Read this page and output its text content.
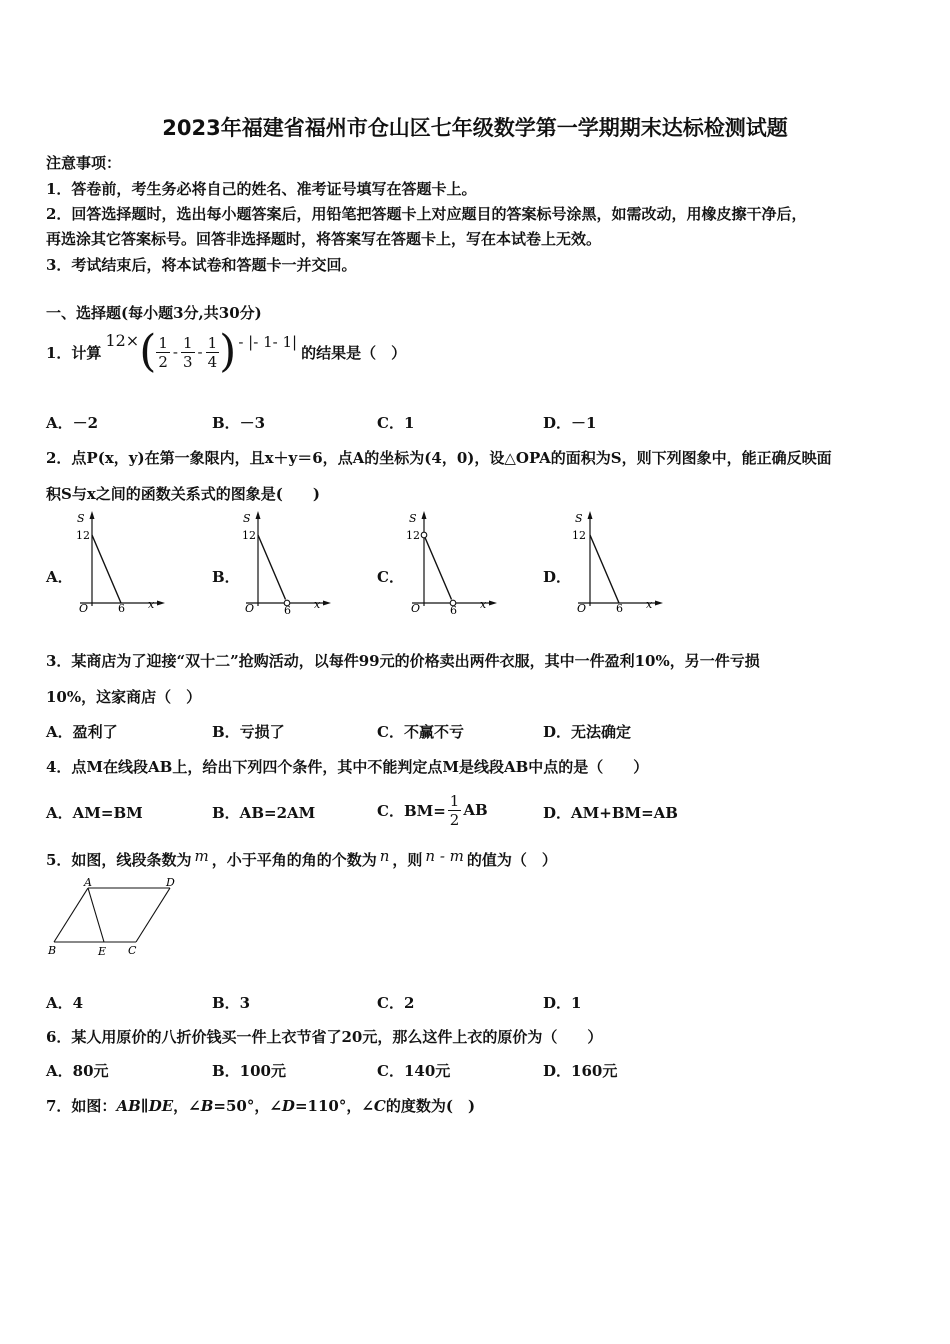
2023年福建省福州市仓山区七年级数学第一学期期末达标检测试题
注意事项：
1．答卷前，考生务必将自己的姓名、准考证号填写在答题卡上。
2．回答选择题时，选出每小题答案后，用铅笔把答题卡上对应题目的答案标号涂黑，如需改动，用橡皮擦干净后，
再选涂其它答案标号。回答非选择题时，将答案写在答题卡上，写在本试卷上无效。
3．考试结束后，将本试卷和答题卡一并交回。
一、选择题(每小题3分,共30分)
1．计算
12× ( $\frac{1}{2} - \frac{1}{3} - \frac{1}{4}$ ) - |- 1- 1|
的结果是（　）
A．－2	B．－3	C．1	D．－1
2．点P(x，y)在第一象限内，且x＋y＝6，点A的坐标为(4，0)，设△OPA的面积为S，则下列图象中，能正确反映面
积S与x之间的函数关系式的图象是(　　)
A．	B．	C．	D．
S
12
O	6 x
S
12
O	6 x
S
12
O	6 x
S
12
O	6 x
3．某商店为了迎接“双十二”抢购活动，以每件99元的价格卖出两件衣服，其中一件盈利10%，另一件亏损
10%，这家商店（　）
A．盈利了	B．亏损了	C．不赢不亏	D．无法确定
4．点M在线段AB上，给出下列四个条件，其中不能判定点M是线段AB中点的是（　　）
A．AM=BM	B．AB=2AM	C．$BM= \frac{1}{2}$ AB	D．AM+BM=AB
5．如图，线段条数为 m ，小于平角的角的个数为 n ，则 n - m 的值为（　）
A	D
B	E C
A．4	B．3	C．2	D．1
6．某人用原价的八折价钱买一件上衣节省了20元，那么这件上衣的原价为（　　）
A．80元	B．100元	C．140元	D．160元
7．如图：AB∥DE，∠B=50°，∠D=110°，∠C的度数为(　)
